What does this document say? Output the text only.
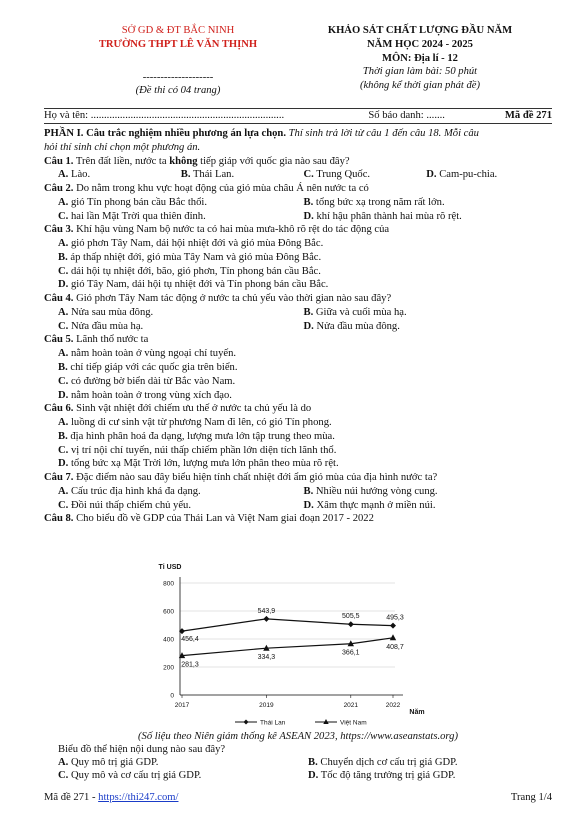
SỞ GD & ĐT BẮC NINH
TRƯỜNG THPT LÊ VĂN THỊNH
--------------------
(Đề thi có 04 trang)
KHẢO SÁT CHẤT LƯỢNG ĐẦU NĂM
NĂM HỌC 2024 - 2025
MÔN: Địa lí - 12
Thời gian làm bài: 50 phút
(không kể thời gian phát đề)
Họ và tên: .........................................................................	Số báo danh: .......	Mã đề 271
PHẦN I. Câu trắc nghiệm nhiều phương án lựa chọn. Thí sinh trả lời từ câu 1 đến câu 18. Mỗi câu
hỏi thí sinh chỉ chọn một phương án.
Câu 1. Trên đất liền, nước ta không tiếp giáp với quốc gia nào sau đây?
A. Lào.	B. Thái Lan.	C. Trung Quốc.	D. Cam-pu-chia.
Câu 2. Do nằm trong khu vực hoạt động của gió mùa châu Á nên nước ta có
A. gió Tín phong bán cầu Bắc thổi.	B. tổng bức xạ trong năm rất lớn.
C. hai lần Mặt Trời qua thiên đỉnh.	D. khí hậu phân thành hai mùa rõ rệt.
Câu 3. Khí hậu vùng Nam bộ nước ta có hai mùa mưa-khô rõ rệt do tác động của
A. gió phơn Tây Nam, dải hội nhiệt đới và gió mùa Đông Bắc.
B. áp thấp nhiệt đới, gió mùa Tây Nam và gió mùa Đông Bắc.
C. dải hội tụ nhiệt đới, bão, gió phơn, Tín phong bán cầu Bắc.
D. gió Tây Nam, dải hội tụ nhiệt đới và Tín phong bán cầu Bắc.
Câu 4. Gió phơn Tây Nam tác động ở nước ta chủ yếu vào thời gian nào sau đây?
A. Nửa sau mùa đông.	B. Giữa và cuối mùa hạ.
C. Nửa đầu mùa hạ.	D. Nửa đầu mùa đông.
Câu 5. Lãnh thổ nước ta
A. nằm hoàn toàn ở vùng ngoại chí tuyến.
B. chỉ tiếp giáp với các quốc gia trên biển.
C. có đường bờ biển dài từ Bắc vào Nam.
D. nằm hoàn toàn ở trong vùng xích đạo.
Câu 6. Sinh vật nhiệt đới chiếm ưu thế ở nước ta chủ yếu là do
A. luồng di cư sinh vật từ phương Nam đi lên, có gió Tín phong.
B. địa hình phân hoá đa dạng, lượng mưa lớn tập trung theo mùa.
C. vị trí nội chí tuyến, núi thấp chiếm phần lớn diện tích lãnh thổ.
D. tổng bức xạ Mặt Trời lớn, lượng mưa lớn phân theo mùa rõ rệt.
Câu 7. Đặc điểm nào sau đây biểu hiện tính chất nhiệt đới ẩm gió mùa của địa hình nước ta?
A. Cấu trúc địa hình khá đa dạng.	B. Nhiều núi hướng vòng cung.
C. Đồi núi thấp chiếm chủ yếu.	D. Xâm thực mạnh ở miền núi.
Câu 8. Cho biểu đồ về GDP của Thái Lan và Việt Nam giai đoạn 2017 - 2022
0
200
400
600
800
Tỉ USD
Năm
2017	2019	2021	2022
456,4
543,9
505,5	495,3
281,3
334,3
366,1
408,7
Thái Lan	Việt Nam
(Số liệu theo Niên giám thống kê ASEAN 2023, https://www.aseanstats.org)
Biểu đồ thể hiện nội dung nào sau đây?
A. Quy mô trị giá GDP.	B. Chuyển dịch cơ cấu trị giá GDP.
C. Quy mô và cơ cấu trị giá GDP.	D. Tốc độ tăng trưởng trị giá GDP.
Mã đề 271 - https://thi247.com/	Trang 1/4
